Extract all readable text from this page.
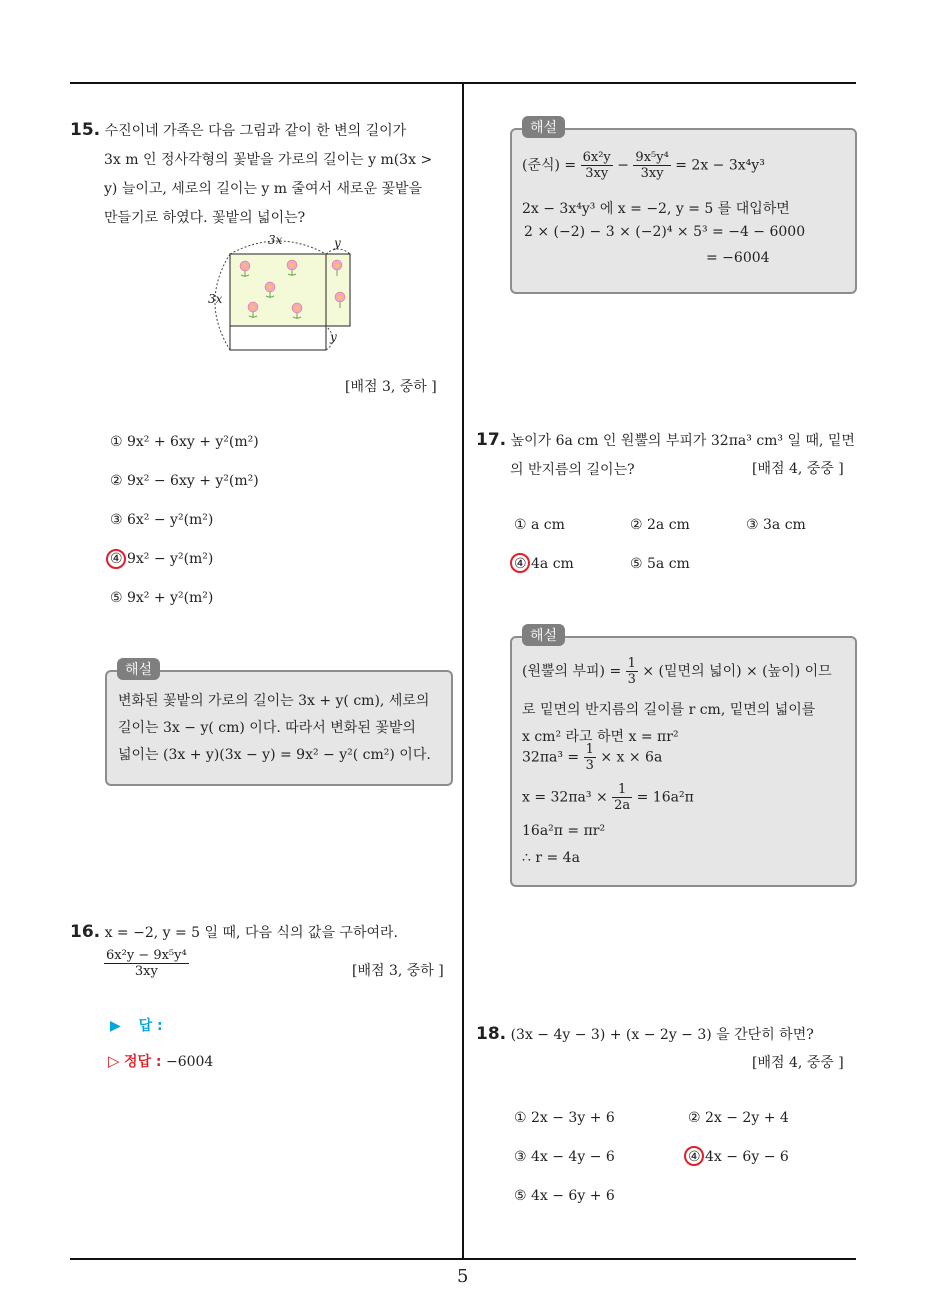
5
15. 수진이네 가족은 다음 그림과 같이 한 변의 길이가
3x m 인 정사각형의 꽃밭을 가로의 길이는 y m(3x >
y) 늘이고, 세로의 길이는 y m 줄여서 새로운 꽃밭을
만들기로 하였다. 꽃밭의 넓이는?
3x	y
3x
y
[배점 3, 중하 ]
① 9x² + 6xy + y²(m²)
② 9x² − 6xy + y²(m²)
③ 6x² − y²(m²)
④ 9x² − y²(m²)
⑤ 9x² + y²(m²)
해설
변화된 꽃밭의 가로의 길이는 3x + y( cm), 세로의
길이는 3x − y( cm) 이다. 따라서 변화된 꽃밭의
넓이는 (3x + y)(3x − y) = 9x² − y²( cm²) 이다.
16. x = −2, y = 5 일 때, 다음 식의 값을 구하여라.
$\frac{\text{6x²y − 9x⁵y⁴}}{3xy}$	[배점 3, 중하 ]
▶ 답 :
▷ 정답 : −6004
해설
(준식) = $\frac{\text{6x²y}}{3xy} - \frac{\text{9x⁵y⁴}}{3xy} = 2x - 3x^4y^3$
2x − 3x⁴y³ 에 x = −2, y = 5 를 대입하면
2 × (−2) − 3 × (−2)⁴ × 5³ = −4 − 6000
= −6004
17. 높이가 6a cm 인 원뿔의 부피가 32πa³ cm³ 일 때, 밑면
의 반지름의 길이는?	[배점 4, 중중 ]
① a cm	② 2a cm	③ 3a cm
④ 4a cm	⑤ 5a cm
해설
(원뿔의 부피) = $\frac{1}{3}$ × (밑면의 넓이) × (높이) 이므
로 밑면의 반지름의 길이를 r cm, 밑면의 넓이를
x cm² 라고 하면 x = πr²
$32\pi a^3 = \frac{1}{3} \times x \times 6a$
$x = 32\pi a^3 \times \frac{1}{2a} = 16a^2\pi$
16a²π = πr²
∴ r = 4a
18. (3x − 4y − 3) + (x − 2y − 3) 을 간단히 하면?
[배점 4, 중중 ]
① 2x − 3y + 6	② 2x − 2y + 4
③ 4x − 4y − 6	④ 4x − 6y − 6
⑤ 4x − 6y + 6
